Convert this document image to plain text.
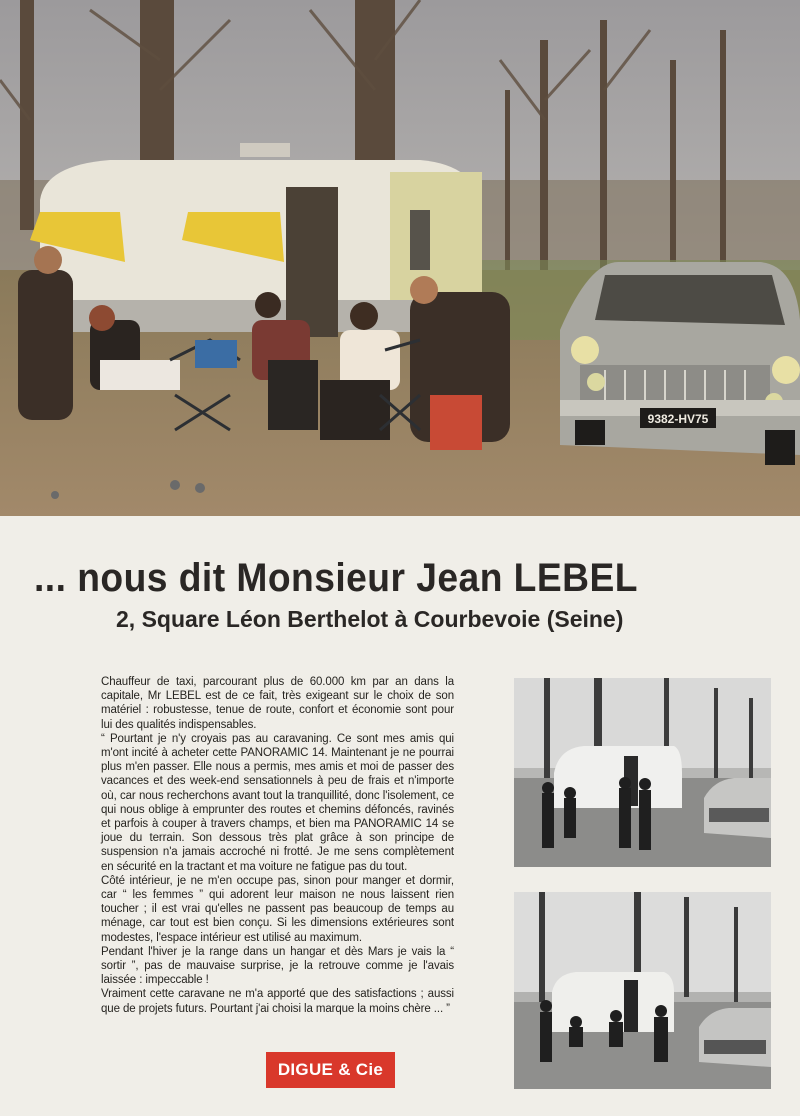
9382-HV75
... nous dit Monsieur Jean LEBEL
2, Square Léon Berthelot à Courbevoie (Seine)

Chauffeur de taxi, parcourant plus de 60.000 km par an dans la capitale, Mr LEBEL est de ce fait, très exigeant sur le choix de son matériel : robustesse, tenue de route, confort et économie sont pour lui des qualités indispensables.

“ Pourtant je n'y croyais pas au caravaning. Ce sont mes amis qui m'ont incité à acheter cette PANORAMIC 14. Maintenant je ne pourrai plus m'en passer. Elle nous a permis, mes amis et moi de passer des vacances et des week-end sensationnels à peu de frais et n'importe où, car nous recherchons avant tout la tranquillité, donc l'isolement, ce qui nous oblige à emprunter des routes et chemins défoncés, ravinés et parfois à couper à travers champs, et bien ma PANORAMIC 14 se joue du terrain. Son dessous très plat grâce à son principe de suspension n'a jamais accroché ni frotté. Je me sens complètement en sécurité en la tractant et ma voiture ne fatigue pas du tout.

Côté intérieur, je ne m'en occupe pas, sinon pour manger et dormir, car “ les femmes ” qui adorent leur maison ne nous laissent rien toucher ; il est vrai qu'elles ne passent pas beaucoup de temps au ménage, car tout est bien conçu. Si les dimensions extérieures sont modestes, l'espace intérieur est utilisé au maximum.

Pendant l'hiver je la range dans un hangar et dès Mars je vais la “ sortir ”, pas de mauvaise surprise, je la retrouve comme je l'avais laissée : impeccable !

Vraiment cette caravane ne m'a apporté que des satisfactions ; aussi que de projets futurs. Pourtant j'ai choisi la marque la moins chère ... ”

DIGUE & Cie
